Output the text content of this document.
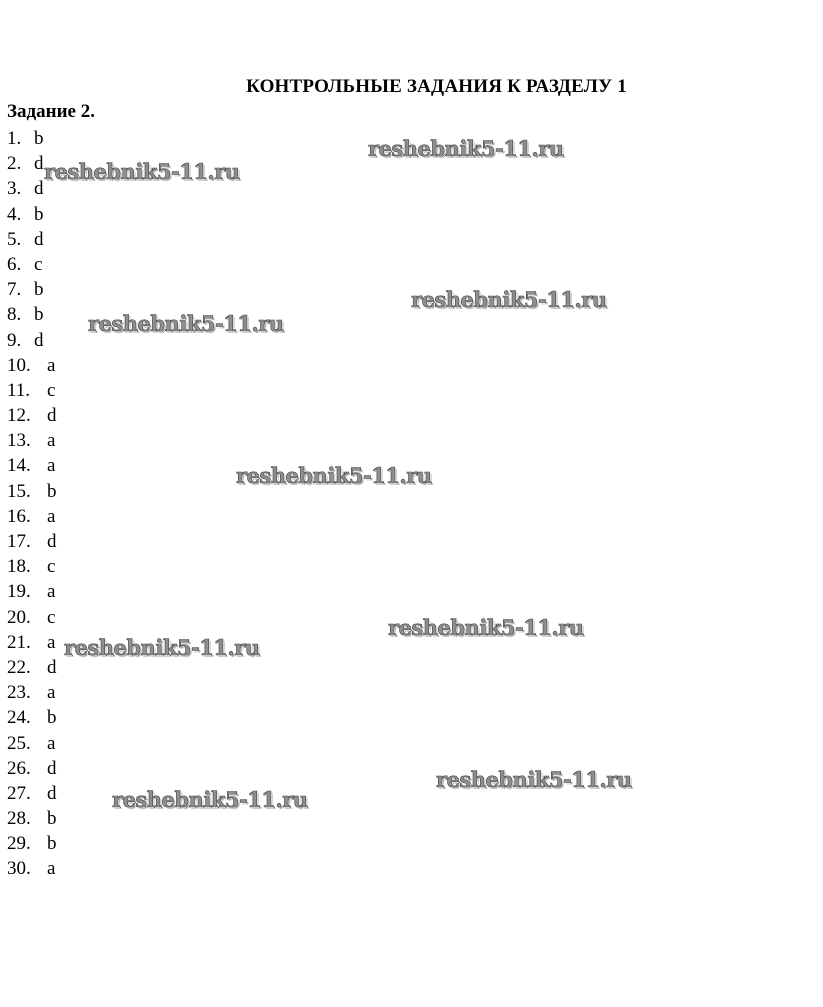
КОНТРОЛЬНЫЕ ЗАДАНИЯ К РАЗДЕЛУ 1
Задание 2.
1. b
2. d
3. d
4. b
5. d
6. c
7. b
8. b
9. d
10. a
11. c
12. d
13. a
14. a
15. b
16. a
17. d
18. c
19. a
20. c
21. a
22. d
23. a
24. b
25. a
26. d
27. d
28. b
29. b
30. a
reshebnik5-11.ru
reshebnik5-11.ru
reshebnik5-11.ru
reshebnik5-11.ru
reshebnik5-11.ru
reshebnik5-11.ru
reshebnik5-11.ru
reshebnik5-11.ru
reshebnik5-11.ru
